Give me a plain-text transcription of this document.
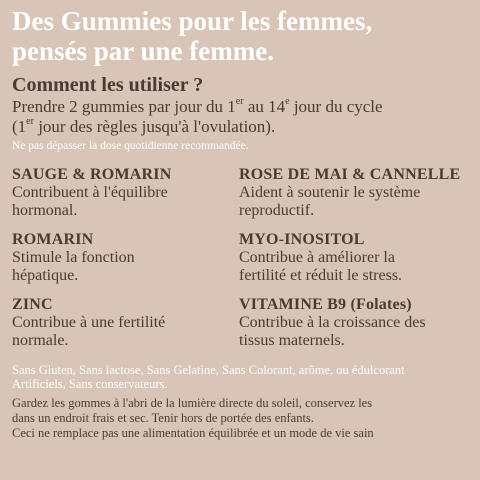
Des Gummies pour les femmes,
pensés par une femme.
Comment les utiliser ?
Prendre 2 gummies par jour du 1er au 14e jour du cycle
(1er jour des règles jusqu'à l'ovulation).
Ne pas dépasser la dose quotidienne recommandée.
SAUGE & ROMARIN
Contribuent à l'équilibre
hormonal.
ROSE DE MAI & CANNELLE
Aident à soutenir le système
reproductif.
ROMARIN
Stimule la fonction
hépatique.
MYO-INOSITOL
Contribue à améliorer la
fertilité et réduit le stress.
ZINC
Contribue à une fertilité
normale.
VITAMINE B9 (Folates)
Contribue à la croissance des
tissus maternels.
Sans Gluten, Sans lactose, Sans Gelatine, Sans Colorant, arôme, ou édulcorant
Artificiels, Sans conservateurs.
Gardez les gommes à l'abri de la lumière directe du soleil, conservez les
dans un endroit frais et sec. Tenir hors de portée des enfants.
Ceci ne remplace pas une alimentation équilibrée et un mode de vie sain
